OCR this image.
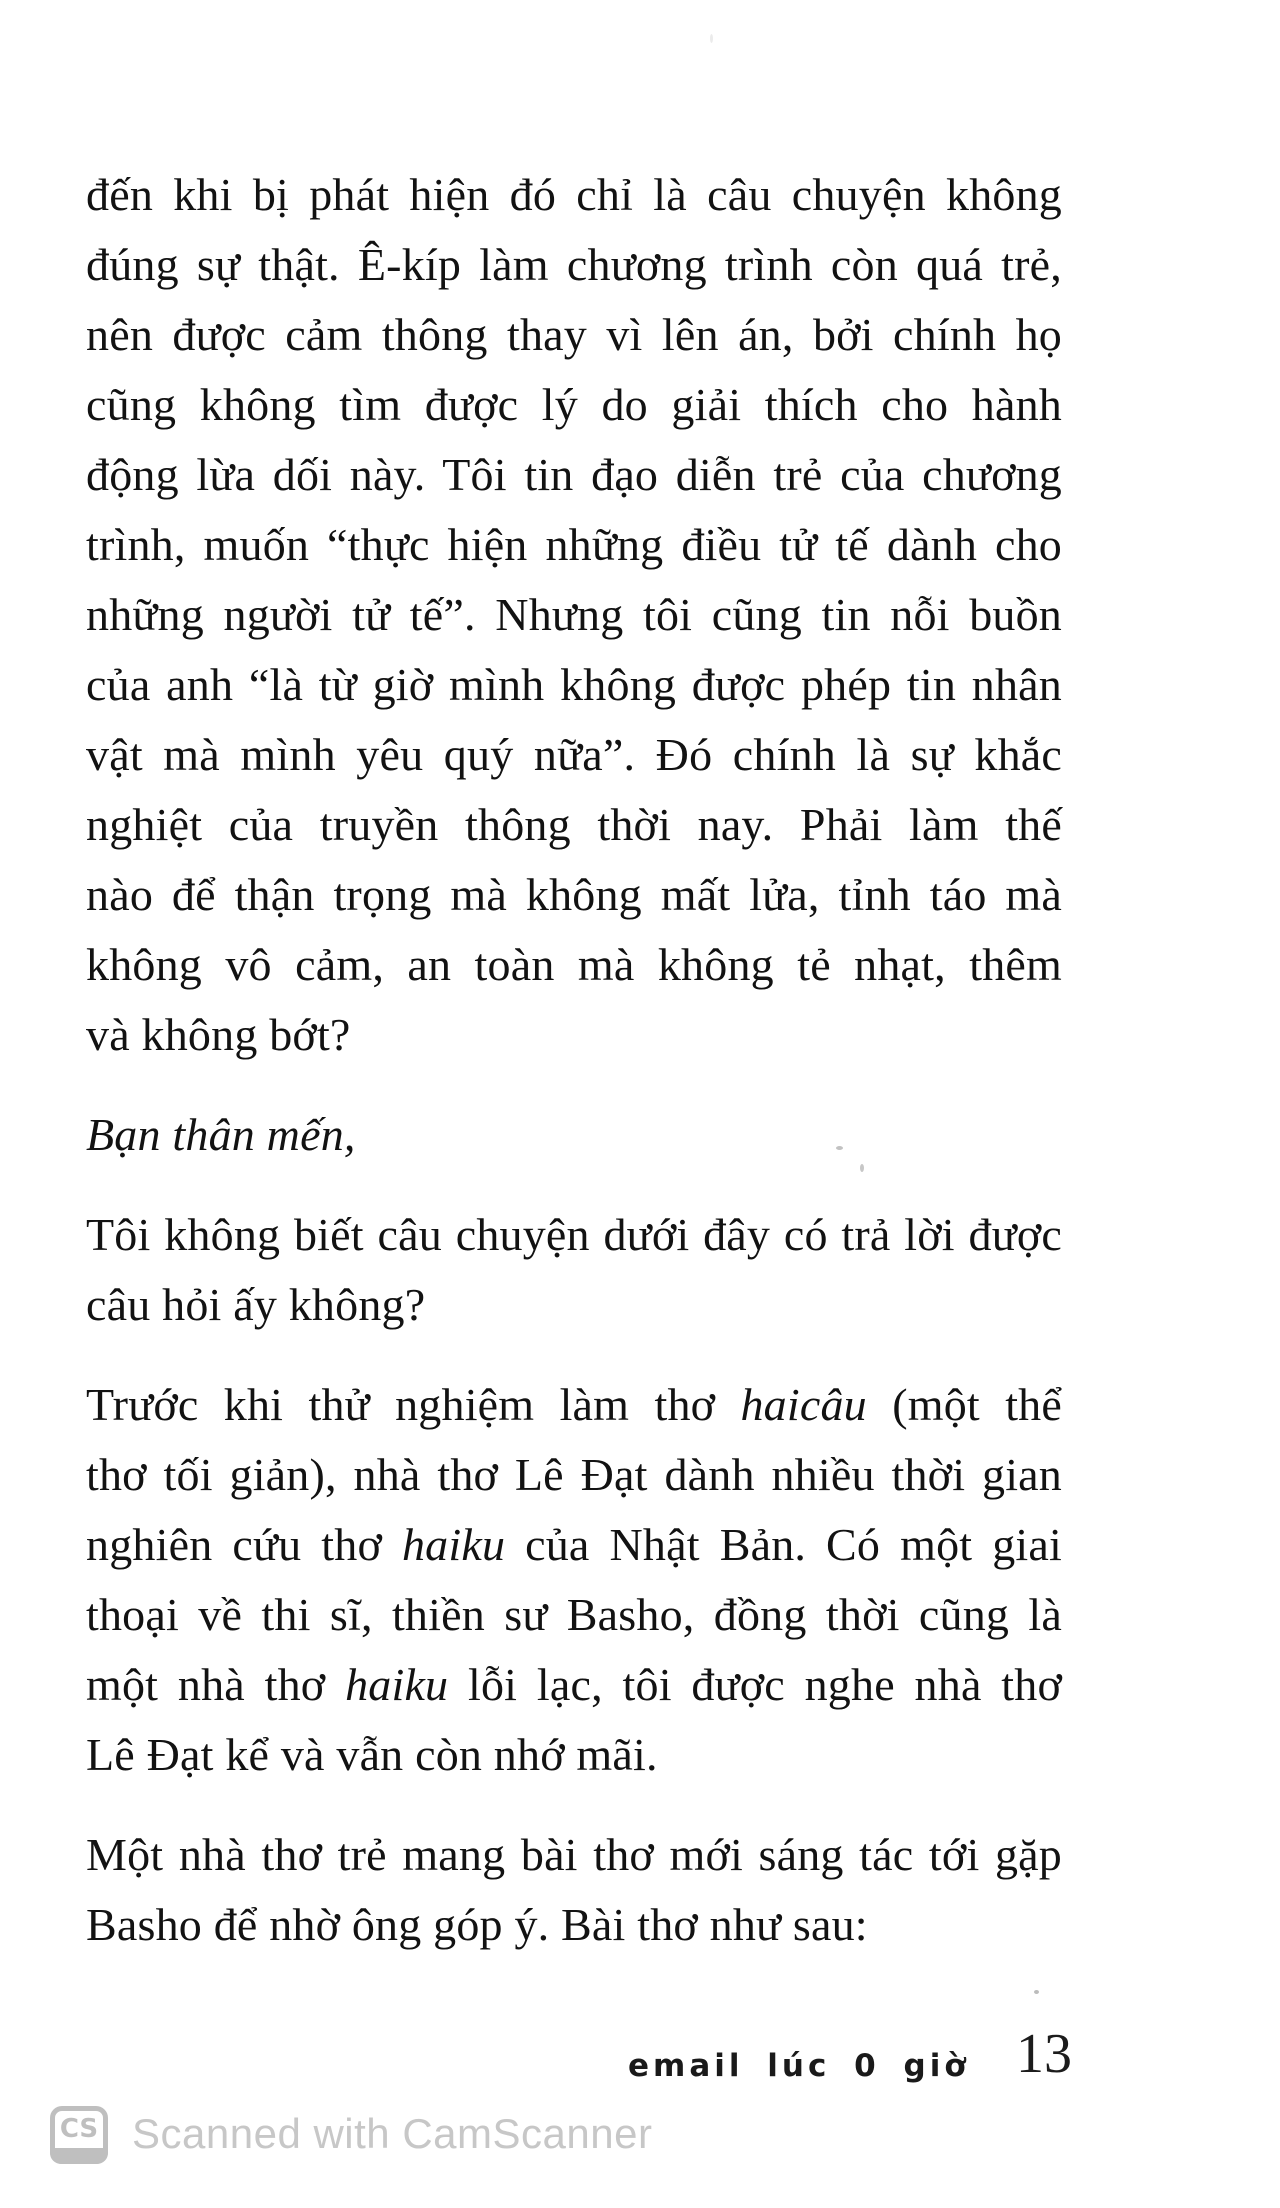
đến khi bị phát hiện đó chỉ là câu chuyện không
đúng sự thật. Ê-kíp làm chương trình còn quá trẻ,
nên được cảm thông thay vì lên án, bởi chính họ
cũng không tìm được lý do giải thích cho hành
động lừa dối này. Tôi tin đạo diễn trẻ của chương
trình, muốn “thực hiện những điều tử tế dành cho
những người tử tế”. Nhưng tôi cũng tin nỗi buồn
của anh “là từ giờ mình không được phép tin nhân
vật mà mình yêu quý nữa”. Đó chính là sự khắc
nghiệt của truyền thông thời nay. Phải làm thế
nào để thận trọng mà không mất lửa, tỉnh táo mà
không vô cảm, an toàn mà không tẻ nhạt, thêm
và không bớt?
Bạn thân mến,
Tôi không biết câu chuyện dưới đây có trả lời được
câu hỏi ấy không?
Trước khi thử nghiệm làm thơ haicâu (một thể
thơ tối giản), nhà thơ Lê Đạt dành nhiều thời gian
nghiên cứu thơ haiku của Nhật Bản. Có một giai
thoại về thi sĩ, thiền sư Basho, đồng thời cũng là
một nhà thơ haiku lỗi lạc, tôi được nghe nhà thơ
Lê Đạt kể và vẫn còn nhớ mãi.
Một nhà thơ trẻ mang bài thơ mới sáng tác tới gặp
Basho để nhờ ông góp ý. Bài thơ như sau:
email lúc 0 giờ 13
CS Scanned with CamScanner
